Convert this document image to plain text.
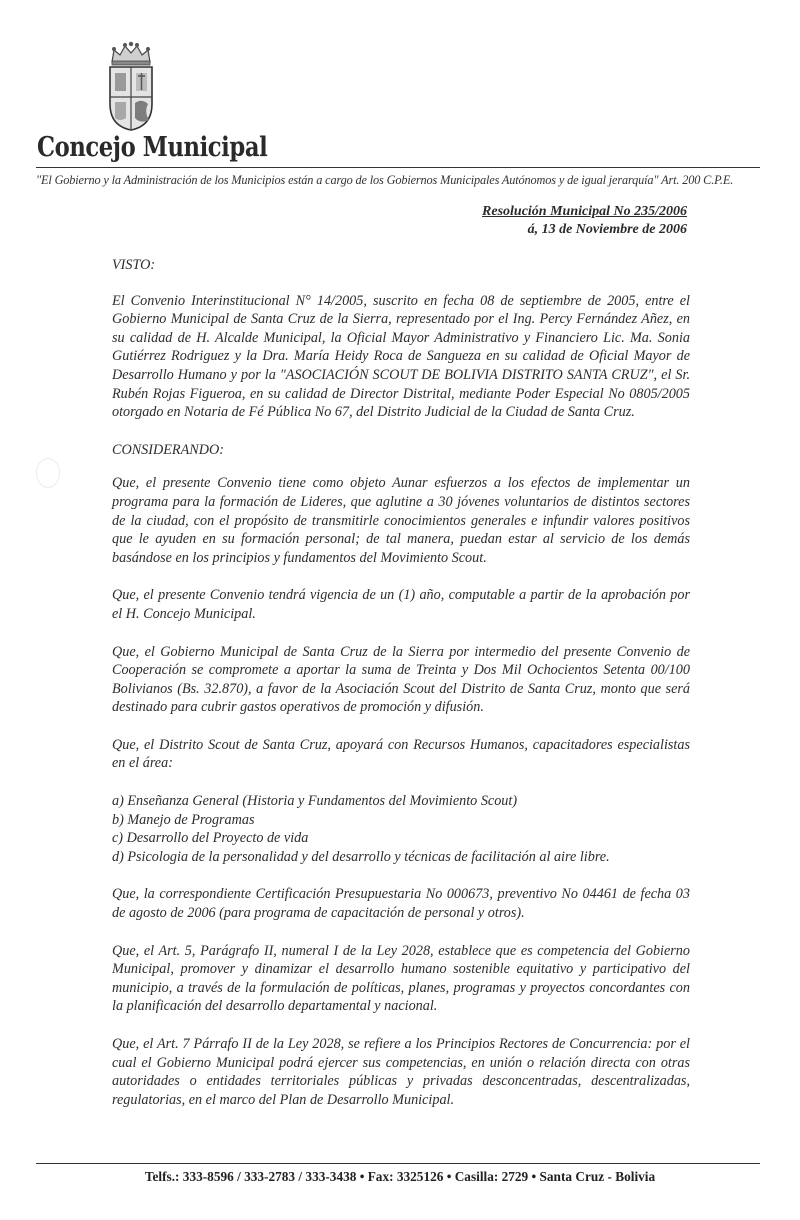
Concejo Municipal
"El Gobierno y la Administración de los Municipios están a cargo de los Gobiernos Municipales Autónomos y de igual jerarquía" Art. 200 C.P.E.
Resolución Municipal No 235/2006
á, 13 de Noviembre de 2006
VISTO:

El Convenio Interinstitucional N° 14/2005, suscrito en fecha 08 de septiembre de 2005, entre el Gobierno Municipal de Santa Cruz de la Sierra, representado por el Ing. Percy Fernández Añez, en su calidad de H. Alcalde Municipal, la Oficial Mayor Administrativo y Financiero Lic. Ma. Sonia Gutiérrez Rodriguez y la Dra. María Heidy Roca de Sangueza en su calidad de Oficial Mayor de Desarrollo Humano y por la "ASOCIACIÓN SCOUT DE BOLIVIA DISTRITO SANTA CRUZ", el Sr. Rubén Rojas Figueroa, en su calidad de Director Distrital, mediante Poder Especial No 0805/2005 otorgado en Notaria de Fé Pública No 67, del Distrito Judicial de la Ciudad de Santa Cruz.

CONSIDERANDO:

Que, el presente Convenio tiene como objeto Aunar esfuerzos a los efectos de implementar un programa para la formación de Lideres, que aglutine a 30 jóvenes voluntarios de distintos sectores de la ciudad, con el propósito de transmitirle conocimientos generales e infundir valores positivos que le ayuden en su formación personal; de tal manera, puedan estar al servicio de los demás basándose en los principios y fundamentos del Movimiento Scout.

Que, el presente Convenio tendrá vigencia de un (1) año, computable a partir de la aprobación por el H. Concejo Municipal.

Que, el Gobierno Municipal de Santa Cruz de la Sierra por intermedio del presente Convenio de Cooperación se compromete a aportar la suma de Treinta y Dos Mil Ochocientos Setenta 00/100 Bolivianos (Bs. 32.870), a favor de la Asociación Scout del Distrito de Santa Cruz, monto que será destinado para cubrir gastos operativos de promoción y difusión.

Que, el Distrito Scout de Santa Cruz, apoyará con Recursos Humanos, capacitadores especialistas en el área:

a) Enseñanza General (Historia y Fundamentos del Movimiento Scout)
b) Manejo de Programas
c) Desarrollo del Proyecto de vida
d) Psicologia de la personalidad y del desarrollo y técnicas de facilitación al aire libre.

Que, la correspondiente Certificación Presupuestaria No 000673, preventivo No 04461 de fecha 03 de agosto de 2006 (para programa de capacitación de personal y otros).

Que, el Art. 5, Parágrafo II, numeral I de la Ley 2028, establece que es competencia del Gobierno Municipal, promover y dinamizar el desarrollo humano sostenible equitativo y participativo del municipio, a través de la formulación de políticas, planes, programas y proyectos concordantes con la planificación del desarrollo departamental y nacional.

Que, el Art. 7 Párrafo II de la Ley 2028, se refiere a los Principios Rectores de Concurrencia: por el cual el Gobierno Municipal podrá ejercer sus competencias, en unión o relación directa con otras autoridades o entidades territoriales públicas y privadas desconcentradas, descentralizadas, regulatorias, en el marco del Plan de Desarrollo Municipal.

Telfs.: 333-8596 / 333-2783 / 333-3438 • Fax: 3325126 • Casilla: 2729 • Santa Cruz - Bolivia
